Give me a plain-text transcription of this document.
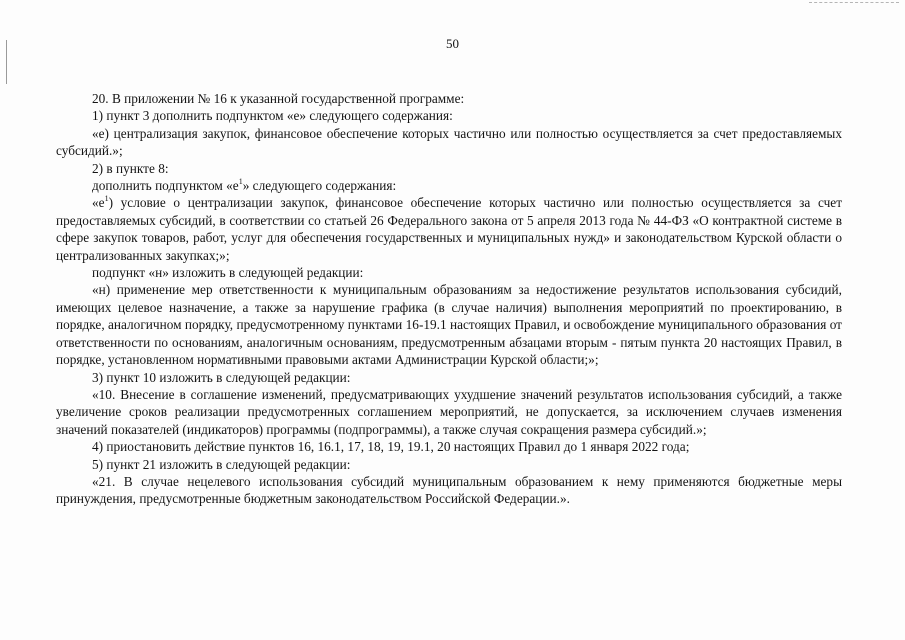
50

20. В приложении № 16 к указанной государственной программе:

1) пункт 3 дополнить подпунктом «е» следующего содержания:

«е) централизация закупок, финансовое обеспечение которых частично или полностью осуществляется за счет предоставляемых субсидий.»;

2) в пункте 8:

дополнить подпунктом «$е^1$» следующего содержания:

«$е^1$) условие о централизации закупок, финансовое обеспечение которых частично или полностью осуществляется за счет предоставляемых субсидий, в соответствии со статьей 26 Федерального закона от 5 апреля 2013 года № 44-ФЗ «О контрактной системе в сфере закупок товаров, работ, услуг для обеспечения государственных и муниципальных нужд» и законодательством Курской области о централизованных закупках;»;

подпункт «н» изложить в следующей редакции:

«н) применение мер ответственности к муниципальным образованиям за недостижение результатов использования субсидий, имеющих целевое назначение, а также за нарушение графика (в случае наличия) выполнения мероприятий по проектированию, в порядке, аналогичном порядку, предусмотренному пунктами 16-19.1 настоящих Правил, и освобождение муниципального образования от ответственности по основаниям, аналогичным основаниям, предусмотренным абзацами вторым - пятым пункта 20 настоящих Правил, в порядке, установленном нормативными правовыми актами Администрации Курской области;»;

3) пункт 10 изложить в следующей редакции:

«10. Внесение в соглашение изменений, предусматривающих ухудшение значений результатов использования субсидий, а также увеличение сроков реализации предусмотренных соглашением мероприятий, не допускается, за исключением случаев изменения значений показателей (индикаторов) программы (подпрограммы), а также случая сокращения размера субсидий.»;

4) приостановить действие пунктов 16, 16.1, 17, 18, 19, 19.1, 20 настоящих Правил до 1 января 2022 года;

5) пункт 21 изложить в следующей редакции:

«21. В случае нецелевого использования субсидий муниципальным образованием к нему применяются бюджетные меры принуждения, предусмотренные бюджетным законодательством Российской Федерации.».
